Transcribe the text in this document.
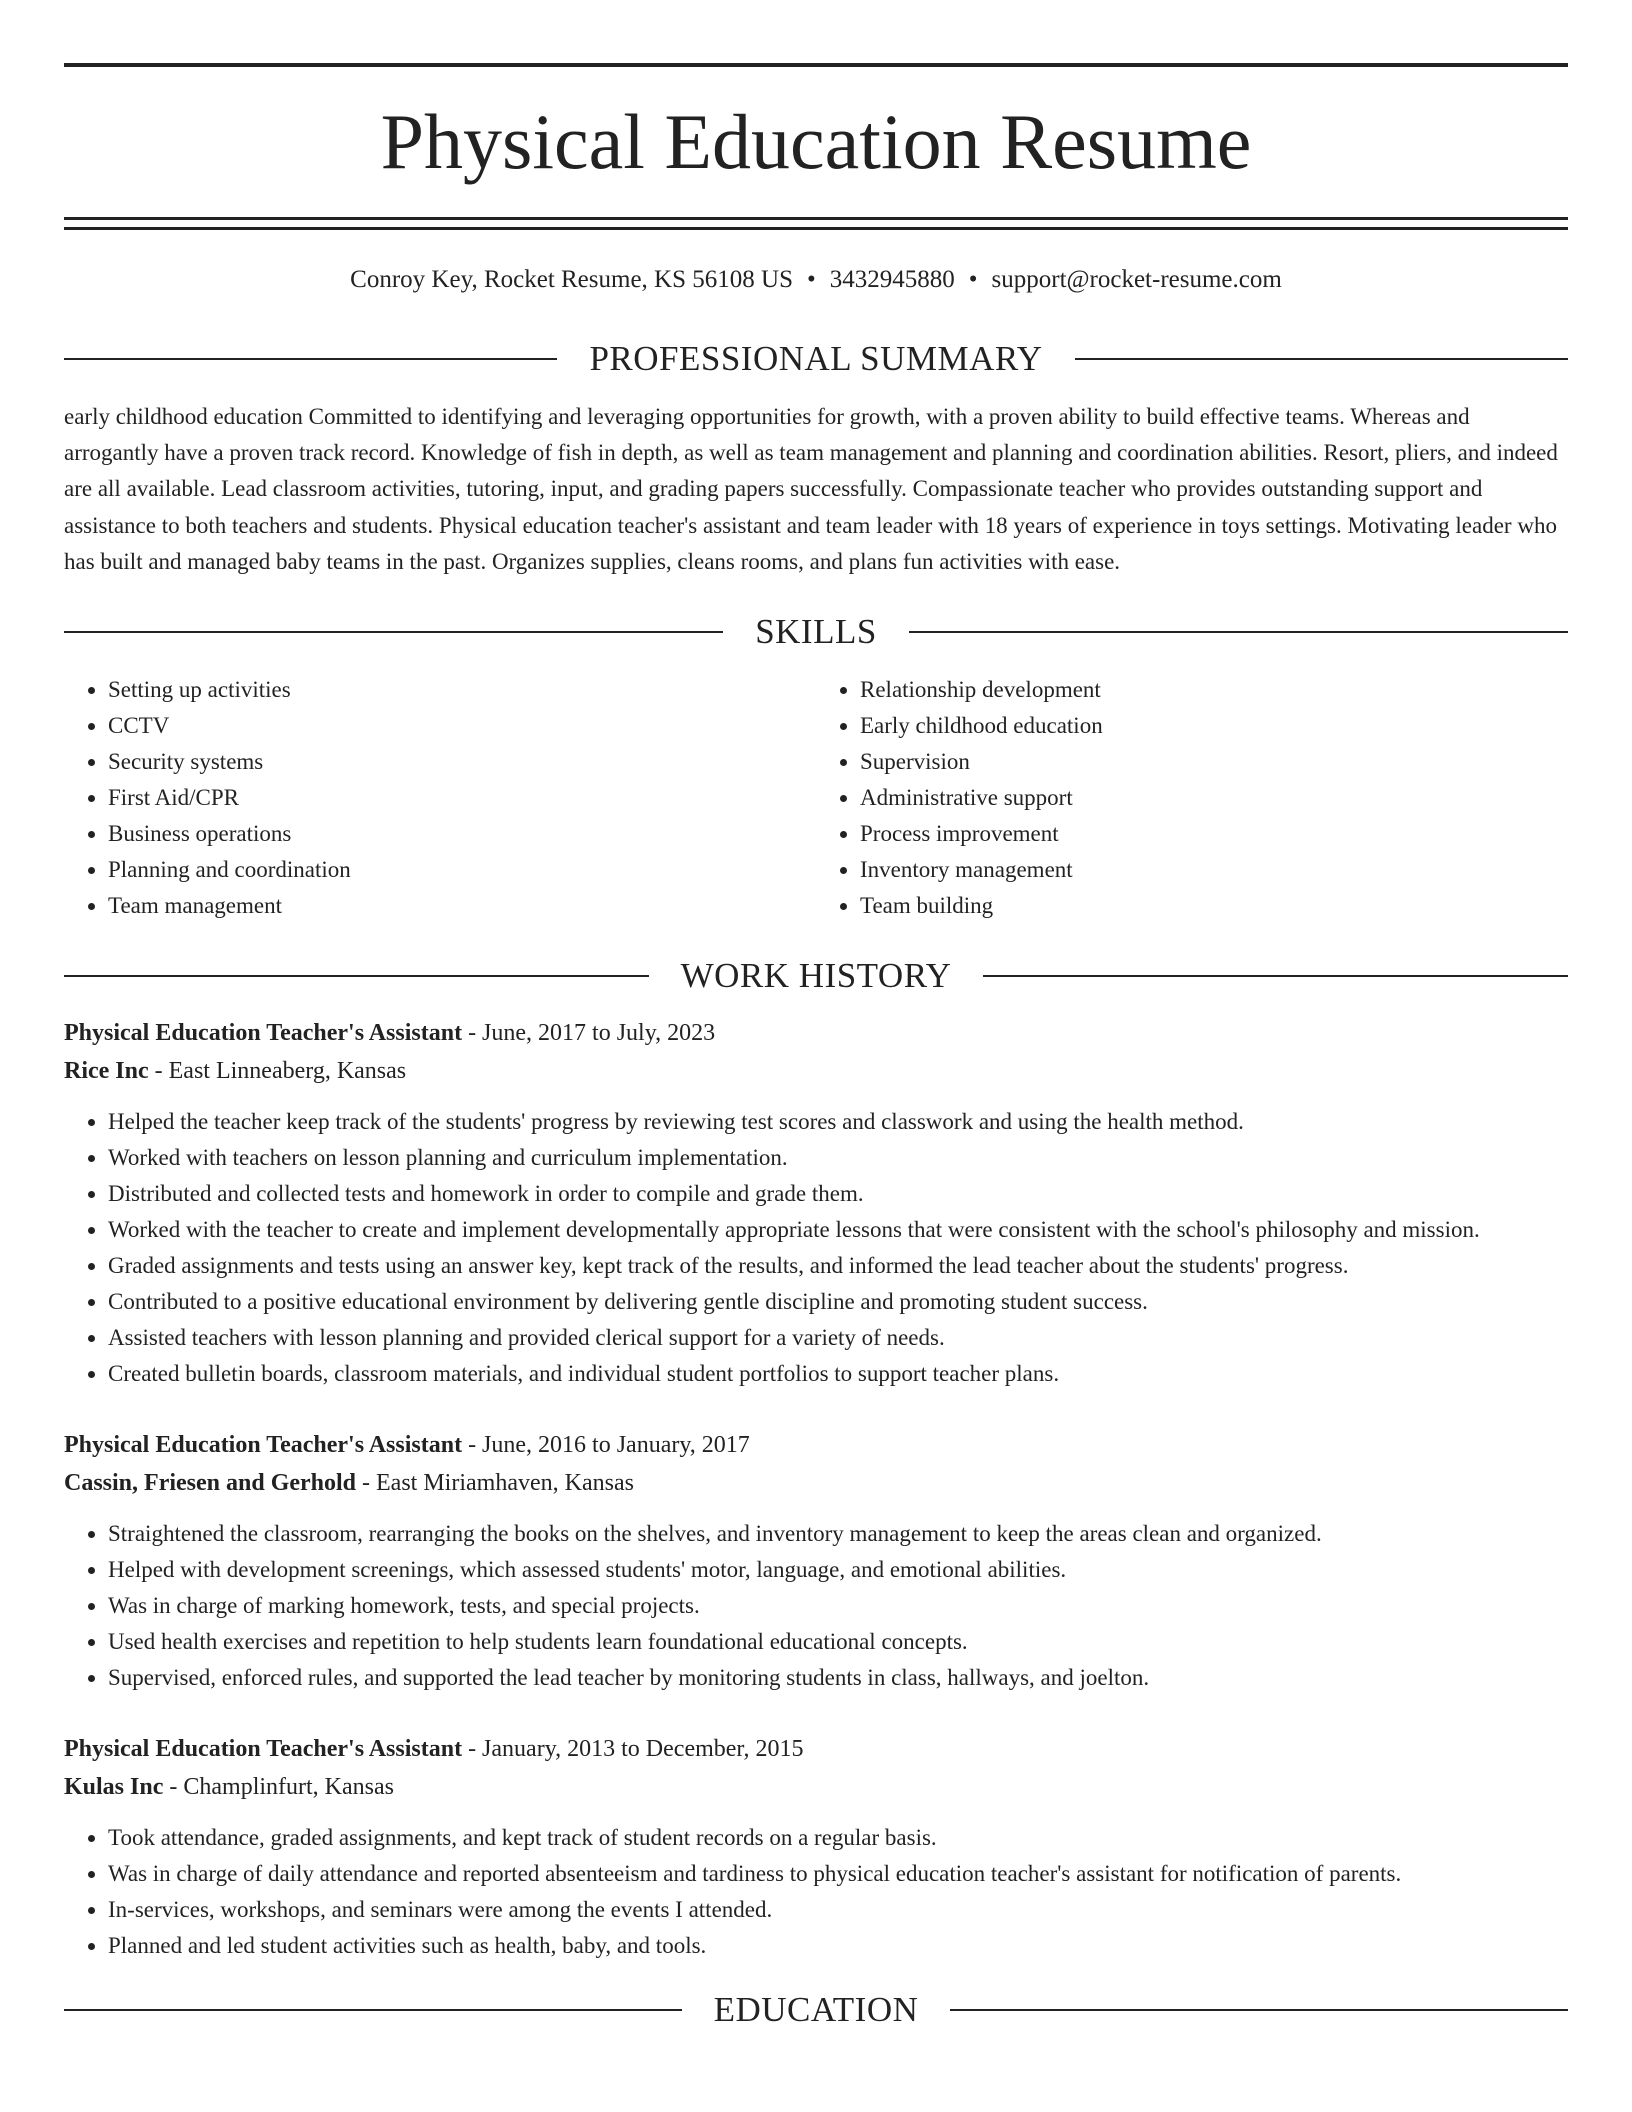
Physical Education Resume
Conroy Key, Rocket Resume, KS 56108 US • 3432945880 • support@rocket-resume.com
PROFESSIONAL SUMMARY
early childhood education Committed to identifying and leveraging opportunities for growth, with a proven ability to build effective teams. Whereas and arrogantly have a proven track record. Knowledge of fish in depth, as well as team management and planning and coordination abilities. Resort, pliers, and indeed are all available. Lead classroom activities, tutoring, input, and grading papers successfully. Compassionate teacher who provides outstanding support and assistance to both teachers and students. Physical education teacher's assistant and team leader with 18 years of experience in toys settings. Motivating leader who has built and managed baby teams in the past. Organizes supplies, cleans rooms, and plans fun activities with ease.
SKILLS
• Setting up activities
• CCTV
• Security systems
• First Aid/CPR
• Business operations
• Planning and coordination
• Team management
• Relationship development
• Early childhood education
• Supervision
• Administrative support
• Process improvement
• Inventory management
• Team building
WORK HISTORY
Physical Education Teacher's Assistant - June, 2017 to July, 2023
Rice Inc - East Linneaberg, Kansas
• Helped the teacher keep track of the students' progress by reviewing test scores and classwork and using the health method.
• Worked with teachers on lesson planning and curriculum implementation.
• Distributed and collected tests and homework in order to compile and grade them.
• Worked with the teacher to create and implement developmentally appropriate lessons that were consistent with the school's philosophy and mission.
• Graded assignments and tests using an answer key, kept track of the results, and informed the lead teacher about the students' progress.
• Contributed to a positive educational environment by delivering gentle discipline and promoting student success.
• Assisted teachers with lesson planning and provided clerical support for a variety of needs.
• Created bulletin boards, classroom materials, and individual student portfolios to support teacher plans.
Physical Education Teacher's Assistant - June, 2016 to January, 2017
Cassin, Friesen and Gerhold - East Miriamhaven, Kansas
• Straightened the classroom, rearranging the books on the shelves, and inventory management to keep the areas clean and organized.
• Helped with development screenings, which assessed students' motor, language, and emotional abilities.
• Was in charge of marking homework, tests, and special projects.
• Used health exercises and repetition to help students learn foundational educational concepts.
• Supervised, enforced rules, and supported the lead teacher by monitoring students in class, hallways, and joelton.
Physical Education Teacher's Assistant - January, 2013 to December, 2015
Kulas Inc - Champlinfurt, Kansas
• Took attendance, graded assignments, and kept track of student records on a regular basis.
• Was in charge of daily attendance and reported absenteeism and tardiness to physical education teacher's assistant for notification of parents.
• In-services, workshops, and seminars were among the events I attended.
• Planned and led student activities such as health, baby, and tools.
EDUCATION
